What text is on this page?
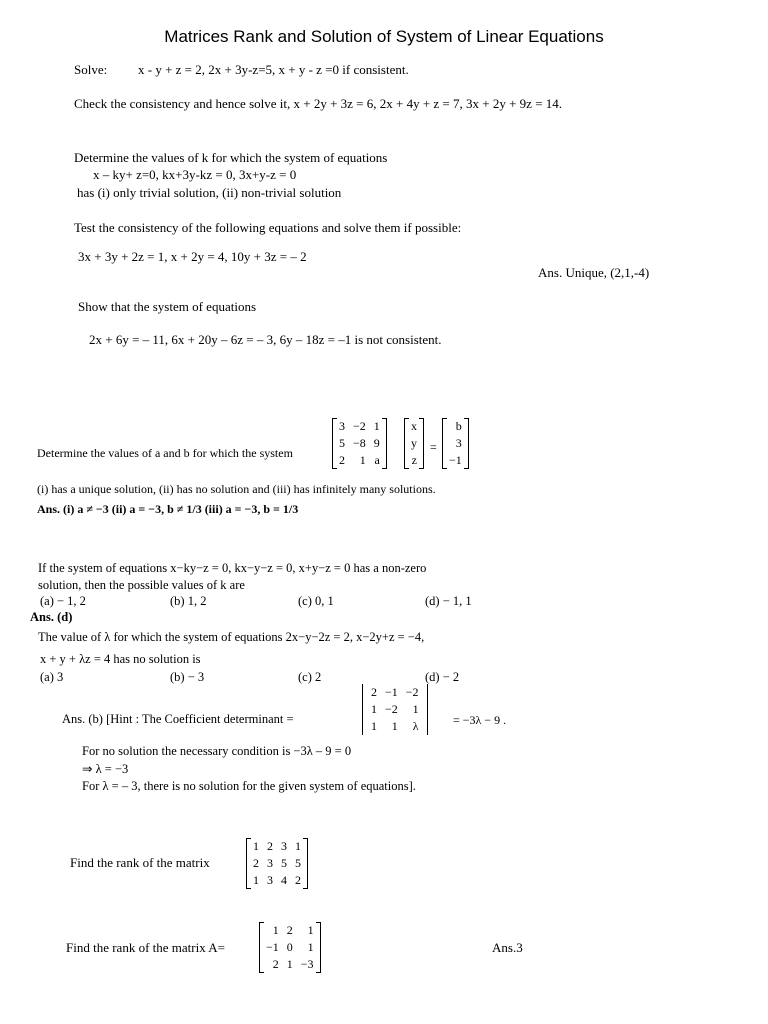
Matrices Rank and Solution of System of Linear Equations
Solve: x - y + z = 2, 2x + 3y-z=5, x + y - z =0 if consistent.
Check the consistency and hence solve it, x + 2y + 3z = 6, 2x + 4y + z = 7, 3x + 2y + 9z = 14.
Determine the values of k for which the system of equations
x – ky+ z=0, kx+3y-kz = 0, 3x+y-z = 0
has (i) only trivial solution, (ii) non-trivial solution
Test the consistency of the following equations and solve them if possible:
3x + 3y + 2z = 1, x + 2y = 4, 10y + 3z = – 2
Ans. Unique, (2,1,-4)
Show that the system of equations
2x + 6y = – 11, 6x + 20y – 6z = – 3, 6y – 18z = –1 is not consistent.
Determine the values of a and b for which the system
3	−2	1
5	−8	9
2	1	a
x
y
z
=
b
3
−1
(i) has a unique solution, (ii) has no solution and (iii) has infinitely many solutions.
Ans. (i) a ≠ −3 (ii) a = −3, b ≠ 1/3 (iii) a = −3, b = 1/3
If the system of equations x−ky−z = 0, kx−y−z = 0, x+y−z = 0 has a non-zero
solution, then the possible values of k are
(a) − 1, 2	(b) 1, 2	(c) 0, 1	(d) − 1, 1
Ans. (d)
The value of λ for which the system of equations 2x−y−2z = 2, x−2y+z = −4,
x + y + λz = 4 has no solution is
(a) 3	(b) − 3	(c) 2	(d) − 2
Ans. (b) [Hint : The Coefficient determinant =
2	−1	−2
1	−2	1
1	1	λ	= −3λ − 9 .
For no solution the necessary condition is −3λ – 9 = 0
⇒ λ = −3
For λ = – 3, there is no solution for the given system of equations].
Find the rank of the matrix
1	2	3	1
2	3	5	5
1	3	4	2
Find the rank of the matrix A=
1	2	1
−1	0	1
2	1	−3
Ans.3
